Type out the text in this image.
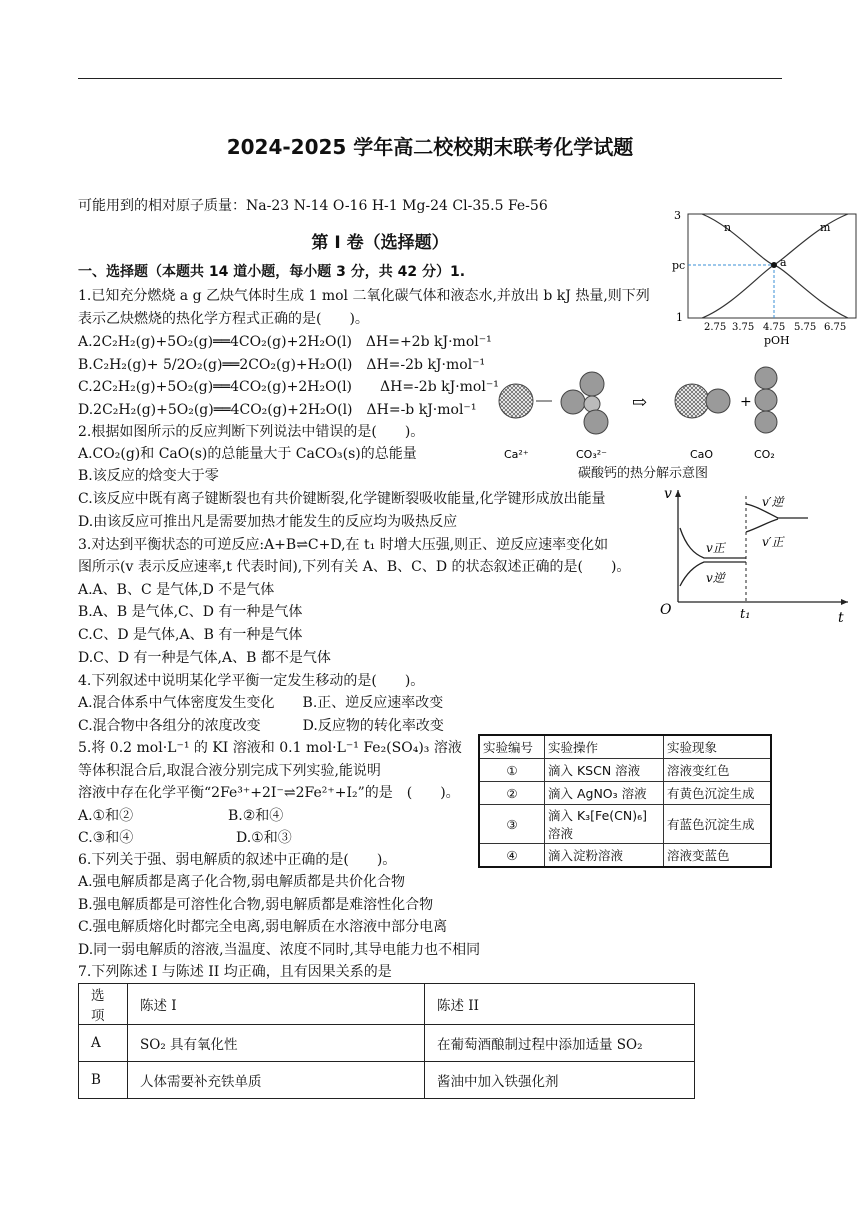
2024-2025 学年高二校校期末联考化学试题
可能用到的相对原子质量：Na-23 N-14 O-16 H-1 Mg-24 Cl-35.5 Fe-56
第 I 卷（选择题）
一、选择题（本题共 14 道小题，每小题 3 分，共 42 分）1.
1.已知充分燃烧 a g 乙炔气体时生成 1 mol 二氧化碳气体和液态水,并放出 b kJ 热量,则下列
表示乙炔燃烧的热化学方程式正确的是(　　)。
A.2C₂H₂(g)+5O₂(g)══4CO₂(g)+2H₂O(l)　ΔH=+2b kJ·mol⁻¹
B.C₂H₂(g)+ 5/2O₂(g)══2CO₂(g)+H₂O(l)　ΔH=-2b kJ·mol⁻¹
C.2C₂H₂(g)+5O₂(g)══4CO₂(g)+2H₂O(l)　　ΔH=-2b kJ·mol⁻¹
D.2C₂H₂(g)+5O₂(g)══4CO₂(g)+2H₂O(l)　ΔH=-b kJ·mol⁻¹
2.根据如图所示的反应判断下列说法中错误的是(　　)。
A.CO₂(g)和 CaO(s)的总能量大于 CaCO₃(s)的总能量
B.该反应的焓变大于零
C.该反应中既有离子键断裂也有共价键断裂,化学键断裂吸收能量,化学键形成放出能量
D.由该反应可推出凡是需要加热才能发生的反应均为吸热反应
3.对达到平衡状态的可逆反应:A+B⇌C+D,在 t₁ 时增大压强,则正、逆反应速率变化如
图所示(v 表示反应速率,t 代表时间),下列有关 A、B、C、D 的状态叙述正确的是(　　)。
A.A、B、C 是气体,D 不是气体
B.A、B 是气体,C、D 有一种是气体
C.C、D 是气体,A、B 有一种是气体
D.C、D 有一种是气体,A、B 都不是气体
4.下列叙述中说明某化学平衡一定发生移动的是(　　)。
A.混合体系中气体密度发生变化　　B.正、逆反应速率改变
C.混合物中各组分的浓度改变　　　D.反应物的转化率改变
5.将 0.2 mol·L⁻¹ 的 KI 溶液和 0.1 mol·L⁻¹ Fe₂(SO₄)₃ 溶液
等体积混合后,取混合液分别完成下列实验,能说明
溶液中存在化学平衡“2Fe³⁺+2I⁻⇌2Fe²⁺+I₂”的是　(　　)。
A.①和②	B.②和④
C.③和④	D.①和③
实验编号	实验操作	实验现象
①	滴入 KSCN 溶液	溶液变红色
②	滴入 AgNO₃ 溶液	有黄色沉淀生成
③	滴入 K₃[Fe(CN)₆] 溶液	有蓝色沉淀生成
④	滴入淀粉溶液	溶液变蓝色
6.下列关于强、弱电解质的叙述中正确的是(　　)。
A.强电解质都是离子化合物,弱电解质都是共价化合物
B.强电解质都是可溶性化合物,弱电解质都是难溶性化合物
C.强电解质熔化时都完全电离,弱电解质在水溶液中部分电离
D.同一弱电解质的溶液,当温度、浓度不同时,其导电能力也不相同
7.下列陈述 I 与陈述 II 均正确，且有因果关系的是
选项	陈述 I	陈述 II
A	SO₂ 具有氧化性	在葡萄酒酿制过程中添加适量 SO₂
B	人体需要补充铁单质	酱油中加入铁强化剂
3
pc
1
n	m
a
2.75 3.75 4.75 5.75 6.75
pOH
⇨	+
Ca²⁺	CO₃²⁻	CaO	CO₂
碳酸钙的热分解示意图
v
t
O	t₁
v正
v逆
v′逆
v′正
